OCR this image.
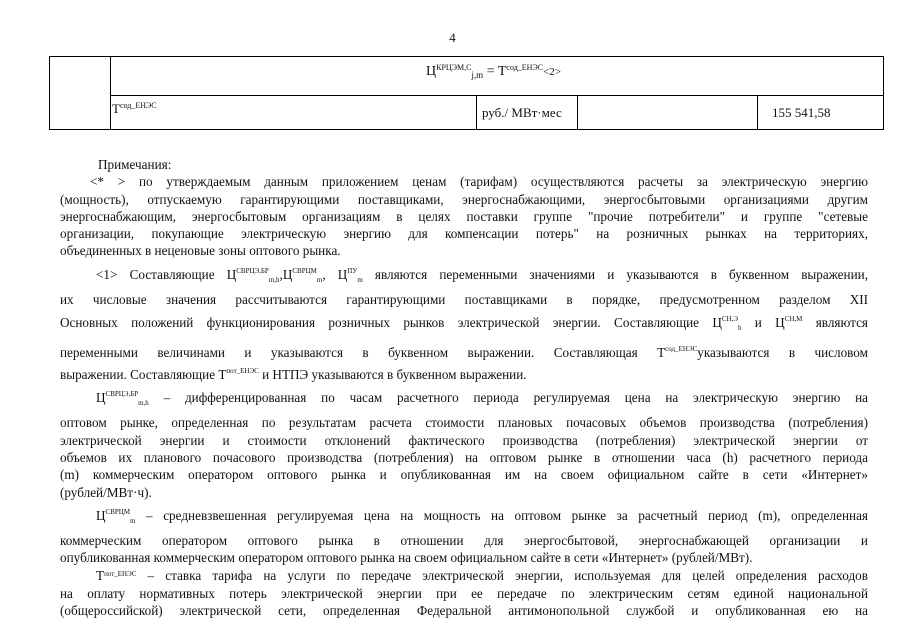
4
$Ц^{КРЦЭМ,С}_{j,m} = T^{сод\_ЕНЭС}<2>$
$T^{сод\_ЕНЭС}$	руб./ МВт·мес	155 541,58

Примечания:

<* > по утверждаемым данным приложением ценам (тарифам) осуществляются расчеты за электрическую энергию
(мощность), отпускаемую гарантирующими поставщиками, энергоснабжающими, энергосбытовыми организациями другим
энергоснабжающим, энергосбытовым организациям в целях поставки группе "прочие потребители" и группе "сетевые
организации, покупающие электрическую энергию для компенсации потерь" на розничных рынках на территориях,
объединенных в неценовые зоны оптового рынка.

<1> Составляющие $Ц^{СВРЦЭ,БР}_{m,h},Ц^{СВРЦМ}_m$, $Ц^{ПУ}_m$ являются переменными значениями и указываются в буквенном выражении,
их числовые значения рассчитываются гарантирующими поставщиками в порядке, предусмотренном разделом XII
Основных положений функционирования розничных рынков электрической энергии. Составляющие $Ц^{СН,Э}_h$ и $Ц^{СН,М}$ являются
переменными величинами и указываются в буквенном выражении. Составляющая $T^{сод\_ЕНЭС}указываются$ в числовом
выражении. Составляющие $T^{пот\_ЕНЭС}$ и НТПЭ указываются в буквенном выражении.

$Ц^{СВРЦЭ,БР}_{m,h}$ – дифференцированная по часам расчетного периода регулируемая цена на электрическую энергию на
оптовом рынке, определенная по результатам расчета стоимости плановых почасовых объемов производства (потребления)
электрической энергии и стоимости отклонений фактического производства (потребления) электрической энергии от
объемов их планового почасового производства (потребления) на оптовом рынке в отношении часа (h) расчетного периода
(m) коммерческим оператором оптового рынка и опубликованная им на своем официальном сайте в сети «Интернет»
(рублей/МВт·ч).

$Ц^{СВРЦМ}_m$ – средневзвешенная регулируемая цена на мощность на оптовом рынке за расчетный период (m), определенная
коммерческим оператором оптового рынка в отношении для энергосбытовой, энергоснабжающей организации и
опубликованная коммерческим оператором оптового рынка на своем официальном сайте в сети «Интернет» (рублей/МВт).

$T_{пот\_ЕНЭС}$ – ставка тарифа на услуги по передаче электрической энергии, используемая для целей определения расходов
на оплату нормативных потерь электрической энергии при ее передаче по электрическим сетям единой национальной
(общероссийской) электрической сети, определенная Федеральной антимонопольной службой и опубликованная ею на
